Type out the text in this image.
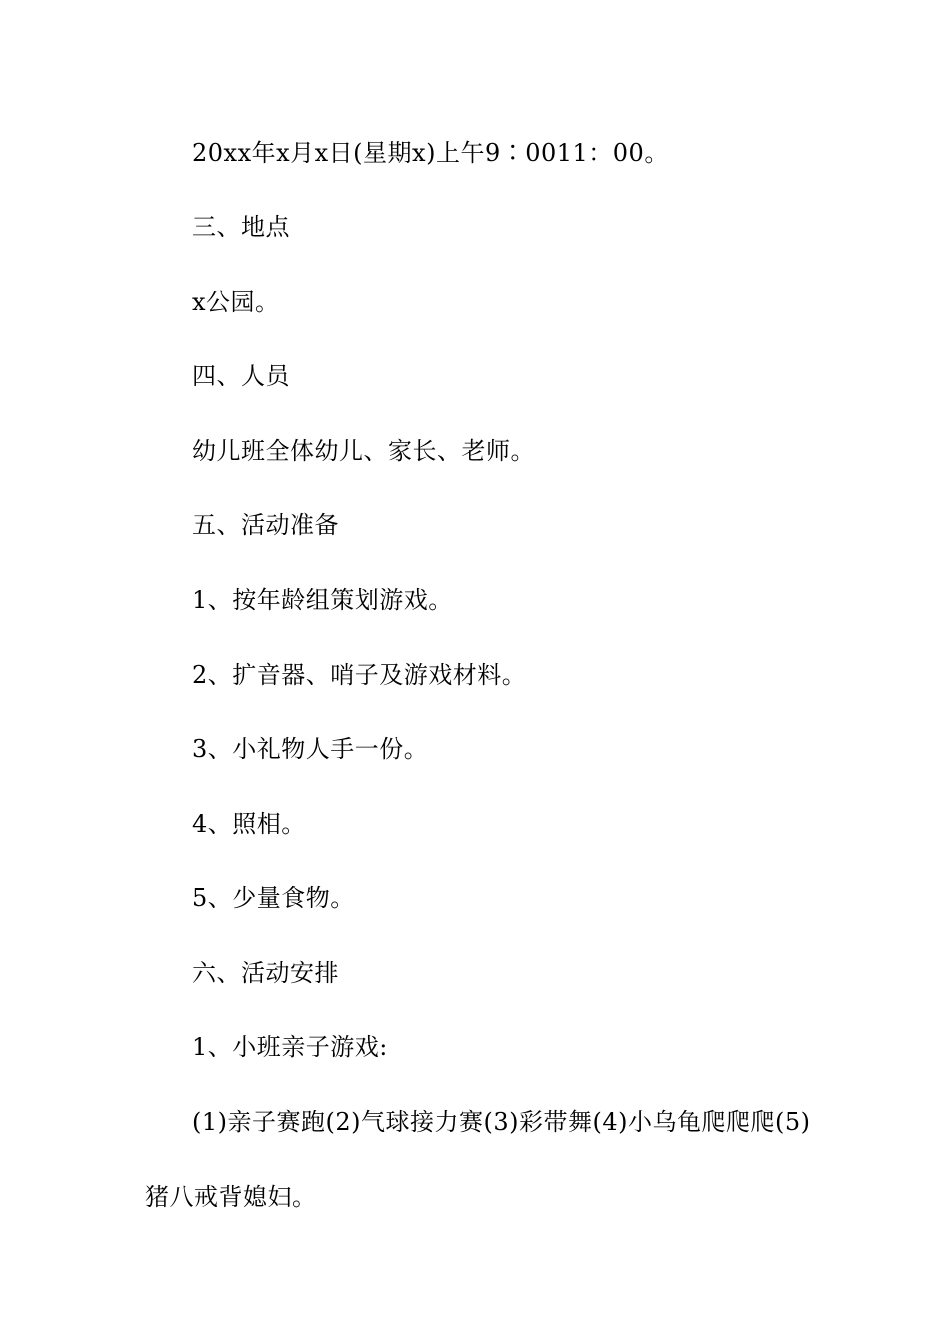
20xx年x月x日(星期x)上午9∶0011：00。
三、地点
x公园。
四、人员
幼儿班全体幼儿、家长、老师。
五、活动准备
1、按年龄组策划游戏。
2、扩音器、哨子及游戏材料。
3、小礼物人手一份。
4、照相。
5、少量食物。
六、活动安排
1、小班亲子游戏:
(1)亲子赛跑(2)气球接力赛(3)彩带舞(4)小乌龟爬爬爬(5)
猪八戒背媳妇。
